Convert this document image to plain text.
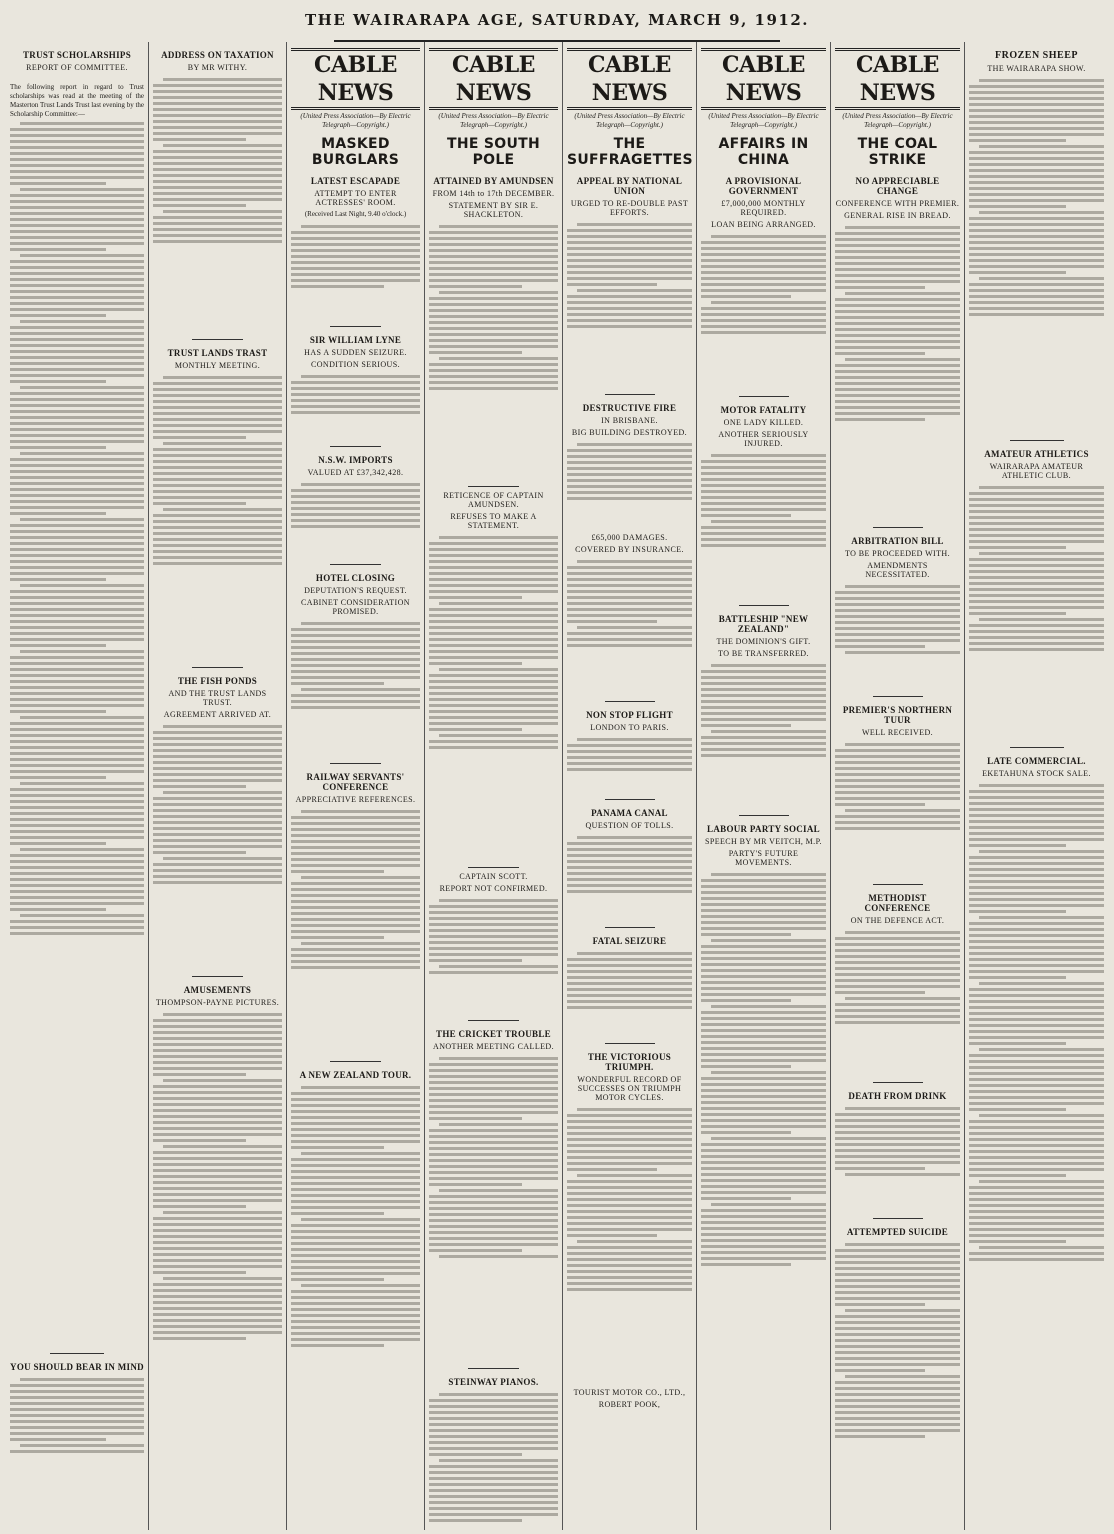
THE WAIRARAPA AGE, SATURDAY, MARCH 9, 1912.
TRUST SCHOLARSHIPS
REPORT OF COMMITTEE.
The following report in regard to Trust scholarships was read at the meeting of the Masterton Trust Lands Trust last evening by the Scholarship Committee:—
YOU SHOULD BEAR IN MIND
ADDRESS ON TAXATION
BY MR WITHY.
TRUST LANDS TRAST
MONTHLY MEETING.
THE FISH PONDS
AND THE TRUST LANDS TRUST.
AGREEMENT ARRIVED AT.
AMUSEMENTS
THOMPSON-PAYNE PICTURES.
CABLE NEWS
(United Press Association—By Electric Telegraph—Copyright.)
MASKED BURGLARS
LATEST ESCAPADE
ATTEMPT TO ENTER ACTRESSES' ROOM.
(Received Last Night, 9.40 o'clock.)
SIR WILLIAM LYNE
HAS A SUDDEN SEIZURE.
CONDITION SERIOUS.
N.S.W. IMPORTS
VALUED AT £37,342,428.
HOTEL CLOSING
DEPUTATION'S REQUEST.
CABINET CONSIDERATION PROMISED.
RAILWAY SERVANTS' CONFERENCE
APPRECIATIVE REFERENCES.
A NEW ZEALAND TOUR.
CABLE NEWS
(United Press Association—By Electric Telegraph—Copyright.)
THE SOUTH POLE
ATTAINED BY AMUNDSEN
FROM 14th to 17th DECEMBER.
STATEMENT BY SIR E. SHACKLETON.
RETICENCE OF CAPTAIN AMUNDSEN.
REFUSES TO MAKE A STATEMENT.
CAPTAIN SCOTT.
REPORT NOT CONFIRMED.
THE CRICKET TROUBLE
ANOTHER MEETING CALLED.
STEINWAY PIANOS.
CABLE NEWS
(United Press Association—By Electric Telegraph—Copyright.)
THE SUFFRAGETTES
APPEAL BY NATIONAL UNION
URGED TO RE-DOUBLE PAST EFFORTS.
DESTRUCTIVE FIRE
IN BRISBANE.
BIG BUILDING DESTROYED.
£65,000 DAMAGES.
COVERED BY INSURANCE.
NON STOP FLIGHT
LONDON TO PARIS.
PANAMA CANAL
QUESTION OF TOLLS.
FATAL SEIZURE
THE VICTORIOUS TRIUMPH.
WONDERFUL RECORD OF SUCCESSES ON TRIUMPH MOTOR CYCLES.
TOURIST MOTOR CO., LTD.,
ROBERT POOK,
CABLE NEWS
(United Press Association—By Electric Telegraph—Copyright.)
AFFAIRS IN CHINA
A PROVISIONAL GOVERNMENT
£7,000,000 MONTHLY REQUIRED.
LOAN BEING ARRANGED.
MOTOR FATALITY
ONE LADY KILLED.
ANOTHER SERIOUSLY INJURED.
BATTLESHIP "NEW ZEALAND"
THE DOMINION'S GIFT.
TO BE TRANSFERRED.
LABOUR PARTY SOCIAL
SPEECH BY MR VEITCH, M.P.
PARTY'S FUTURE MOVEMENTS.
CABLE NEWS
(United Press Association—By Electric Telegraph—Copyright.)
THE COAL STRIKE
NO APPRECIABLE CHANGE
CONFERENCE WITH PREMIER.
GENERAL RISE IN BREAD.
ARBITRATION BILL
TO BE PROCEEDED WITH.
AMENDMENTS NECESSITATED.
PREMIER'S NORTHERN TUUR
WELL RECEIVED.
METHODIST CONFERENCE
ON THE DEFENCE ACT.
DEATH FROM DRINK
ATTEMPTED SUICIDE
FROZEN SHEEP
THE WAIRARAPA SHOW.
AMATEUR ATHLETICS
WAIRARAPA AMATEUR ATHLETIC CLUB.
LATE COMMERCIAL.
EKETAHUNA STOCK SALE.
